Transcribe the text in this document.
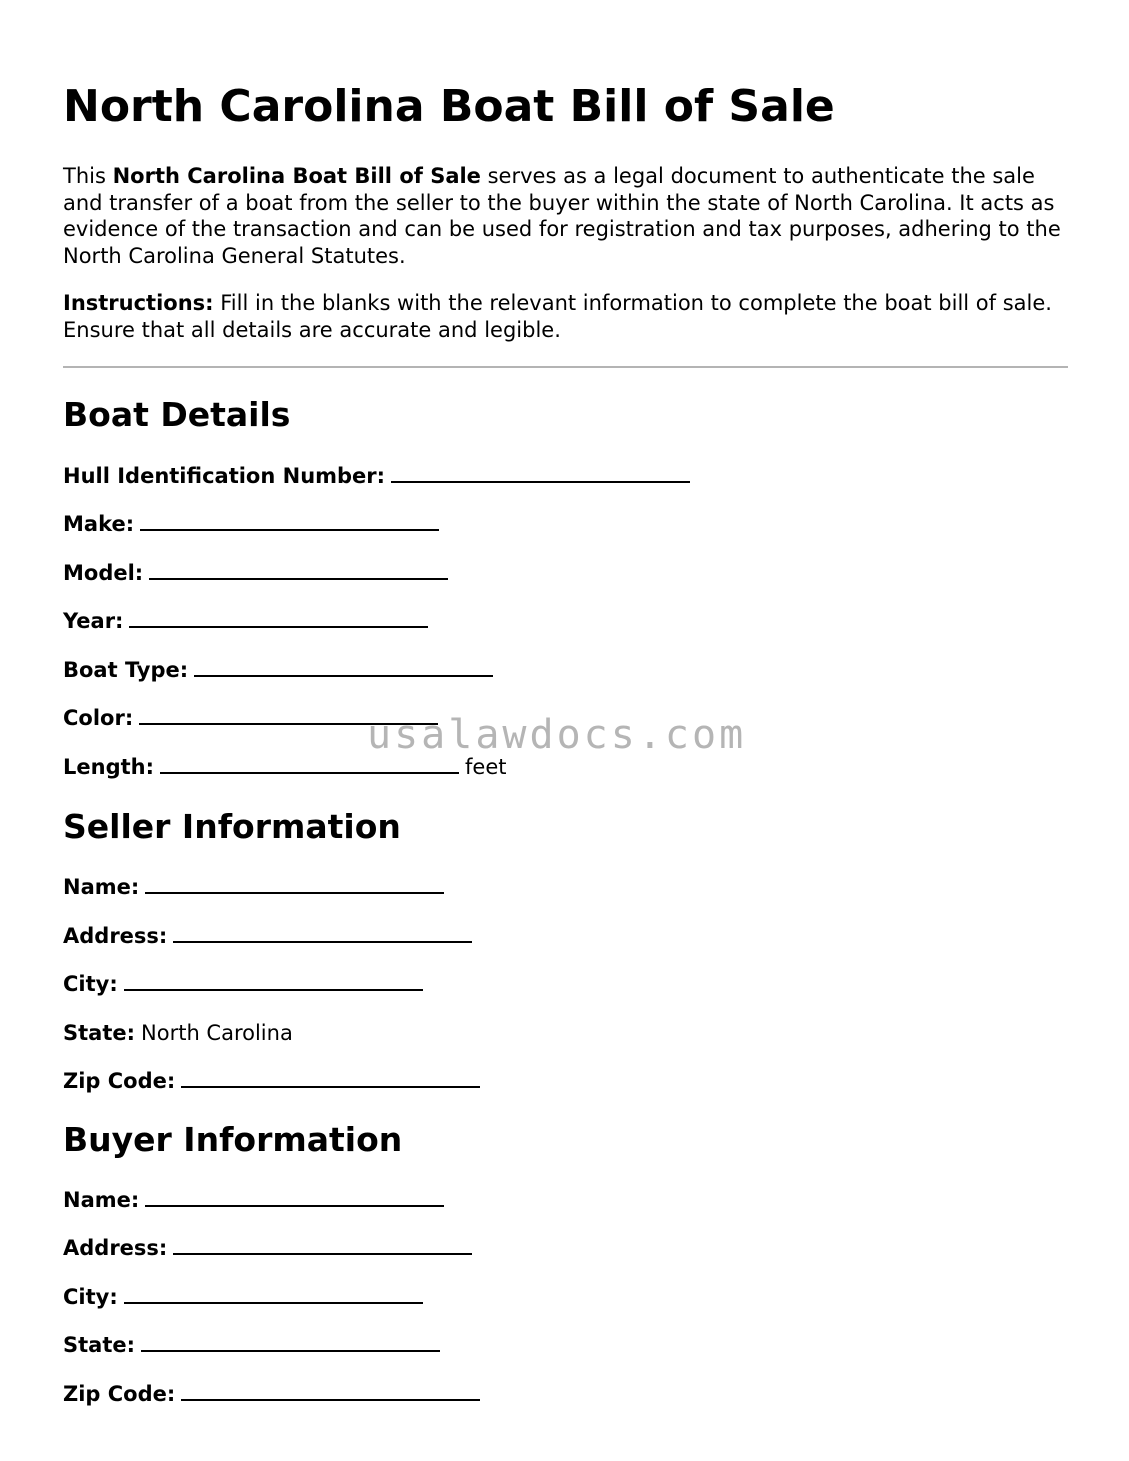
North Carolina Boat Bill of Sale

This North Carolina Boat Bill of Sale serves as a legal document to authenticate the sale and transfer of a boat from the seller to the buyer within the state of North Carolina. It acts as evidence of the transaction and can be used for registration and tax purposes, adhering to the North Carolina General Statutes.

Instructions: Fill in the blanks with the relevant information to complete the boat bill of sale. Ensure that all details are accurate and legible.

Boat Details
Hull Identification Number:
Make:
Model:
Year:
Boat Type:
Color:
Length:	feet
Seller Information
Name:
Address:
City:
State: North Carolina
Zip Code:
Buyer Information
Name:
Address:
City:
State:
Zip Code:
usalawdocs.com
